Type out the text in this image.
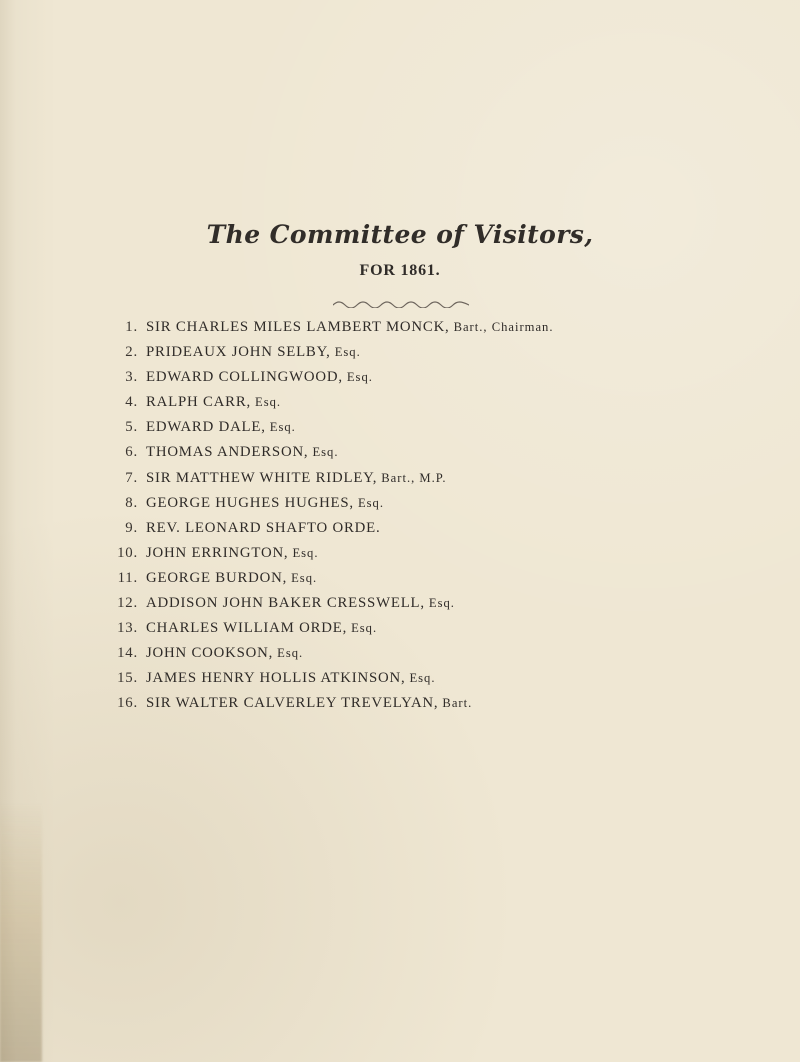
The Committee of Visitors,
FOR 1861.
1. SIR CHARLES MILES LAMBERT MONCK, Bart., Chairman.
2. PRIDEAUX JOHN SELBY, Esq.
3. EDWARD COLLINGWOOD, Esq.
4. RALPH CARR, Esq.
5. EDWARD DALE, Esq.
6. THOMAS ANDERSON, Esq.
7. SIR MATTHEW WHITE RIDLEY, Bart., M.P.
8. GEORGE HUGHES HUGHES, Esq.
9. REV. LEONARD SHAFTO ORDE.
10. JOHN ERRINGTON, Esq.
11. GEORGE BURDON, Esq.
12. ADDISON JOHN BAKER CRESSWELL, Esq.
13. CHARLES WILLIAM ORDE, Esq.
14. JOHN COOKSON, Esq.
15. JAMES HENRY HOLLIS ATKINSON, Esq.
16. SIR WALTER CALVERLEY TREVELYAN, Bart.
